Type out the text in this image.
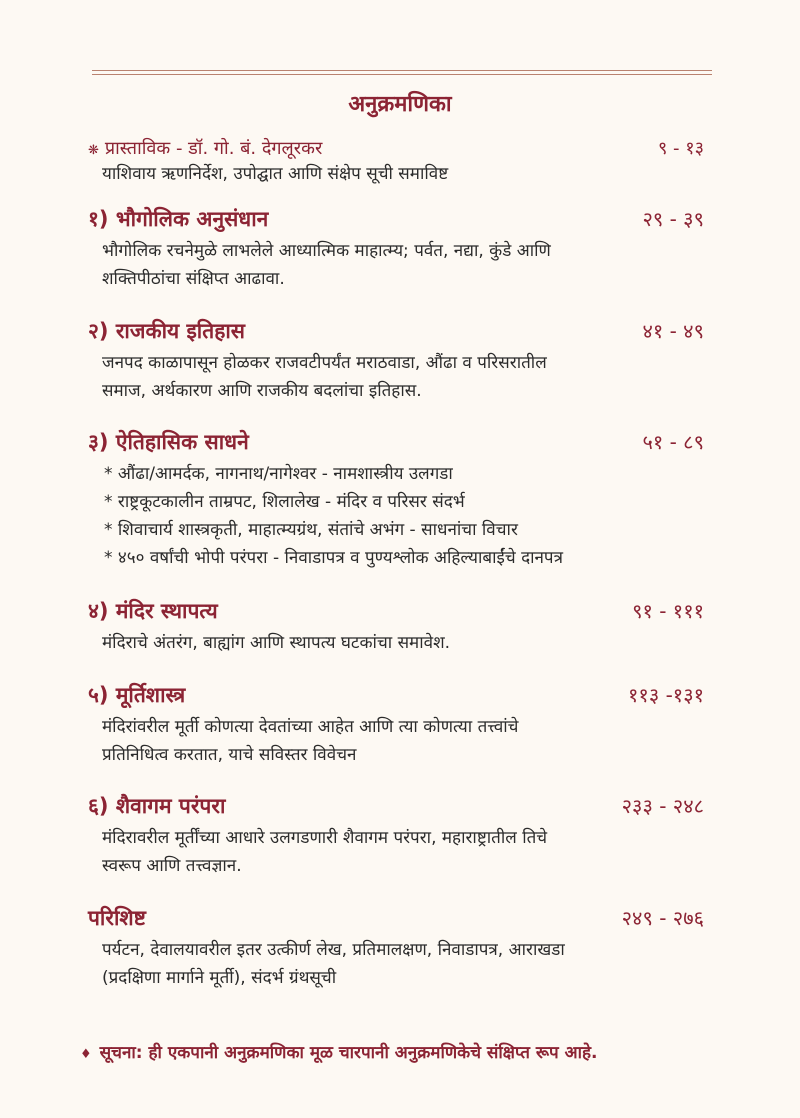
अनुक्रमणिका
❋ प्रास्ताविक - डॉ. गो. बं. देगलूरकर	९ - १३
याशिवाय ऋणनिर्देश, उपोद्घात आणि संक्षेप सूची समाविष्ट
१) भौगोलिक अनुसंधान	२९ - ३९
भौगोलिक रचनेमुळे लाभलेले आध्यात्मिक माहात्म्य; पर्वत, नद्या, कुंडे आणि
शक्तिपीठांचा संक्षिप्त आढावा.
२) राजकीय इतिहास	४१ - ४९
जनपद काळापासून होळकर राजवटीपर्यंत मराठवाडा, औंढा व परिसरातील
समाज, अर्थकारण आणि राजकीय बदलांचा इतिहास.
३) ऐतिहासिक साधने	५१ - ८९
* औंढा/आमर्दक, नागनाथ/नागेश्वर - नामशास्त्रीय उलगडा
* राष्ट्रकूटकालीन ताम्रपट, शिलालेख - मंदिर व परिसर संदर्भ
* शिवाचार्य शास्त्रकृती, माहात्म्यग्रंथ, संतांचे अभंग - साधनांचा विचार
* ४५० वर्षांची भोपी परंपरा - निवाडापत्र व पुण्यश्लोक अहिल्याबाईंचे दानपत्र
४) मंदिर स्थापत्य	९१ - १११
मंदिराचे अंतरंग, बाह्यांग आणि स्थापत्य घटकांचा समावेश.
५) मूर्तिशास्त्र	११३ -१३१
मंदिरांवरील मूर्ती कोणत्या देवतांच्या आहेत आणि त्या कोणत्या तत्त्वांचे
प्रतिनिधित्व करतात, याचे सविस्तर विवेचन
६) शैवागम परंपरा	२३३ - २४८
मंदिरावरील मूर्तींच्या आधारे उलगडणारी शैवागम परंपरा, महाराष्ट्रातील तिचे
स्वरूप आणि तत्त्वज्ञान.
परिशिष्ट	२४९ - २७६
पर्यटन, देवालयावरील इतर उत्कीर्ण लेख, प्रतिमालक्षण, निवाडापत्र, आराखडा
(प्रदक्षिणा मार्गाने मूर्ती), संदर्भ ग्रंथसूची
♦ सूचना: ही एकपानी अनुक्रमणिका मूळ चारपानी अनुक्रमणिकेचे संक्षिप्त रूप आहे.
